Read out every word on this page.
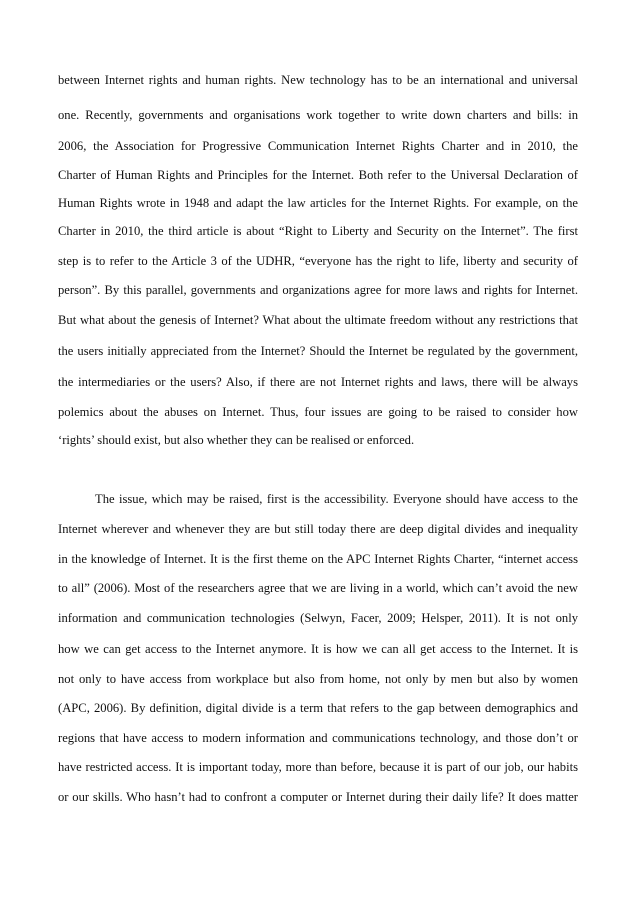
between Internet rights and human rights. New technology has to be an international and universal
one. Recently, governments and organisations work together to write down charters and bills: in
2006, the Association for Progressive Communication Internet Rights Charter and in 2010, the
Charter of Human Rights and Principles for the Internet. Both refer to the Universal Declaration of
Human Rights wrote in 1948 and adapt the law articles for the Internet Rights. For example, on the
Charter in 2010, the third article is about “Right to Liberty and Security on the Internet”. The first
step is to refer to the Article 3 of the UDHR, “everyone has the right to life, liberty and security of
person”. By this parallel, governments and organizations agree for more laws and rights for Internet.
But what about the genesis of Internet? What about the ultimate freedom without any restrictions that
the users initially appreciated from the Internet? Should the Internet be regulated by the government,
the intermediaries or the users? Also, if there are not Internet rights and laws, there will be always
polemics about the abuses on Internet. Thus, four issues are going to be raised to consider how
‘rights’ should exist, but also whether they can be realised or enforced.
The issue, which may be raised, first is the accessibility. Everyone should have access to the
Internet wherever and whenever they are but still today there are deep digital divides and inequality
in the knowledge of Internet. It is the first theme on the APC Internet Rights Charter, “internet access
to all” (2006). Most of the researchers agree that we are living in a world, which can’t avoid the new
information and communication technologies (Selwyn, Facer, 2009; Helsper, 2011). It is not only
how we can get access to the Internet anymore. It is how we can all get access to the Internet. It is
not only to have access from workplace but also from home, not only by men but also by women
(APC, 2006). By definition, digital divide is a term that refers to the gap between demographics and
regions that have access to modern information and communications technology, and those don’t or
have restricted access. It is important today, more than before, because it is part of our job, our habits
or our skills. Who hasn’t had to confront a computer or Internet during their daily life? It does matter
